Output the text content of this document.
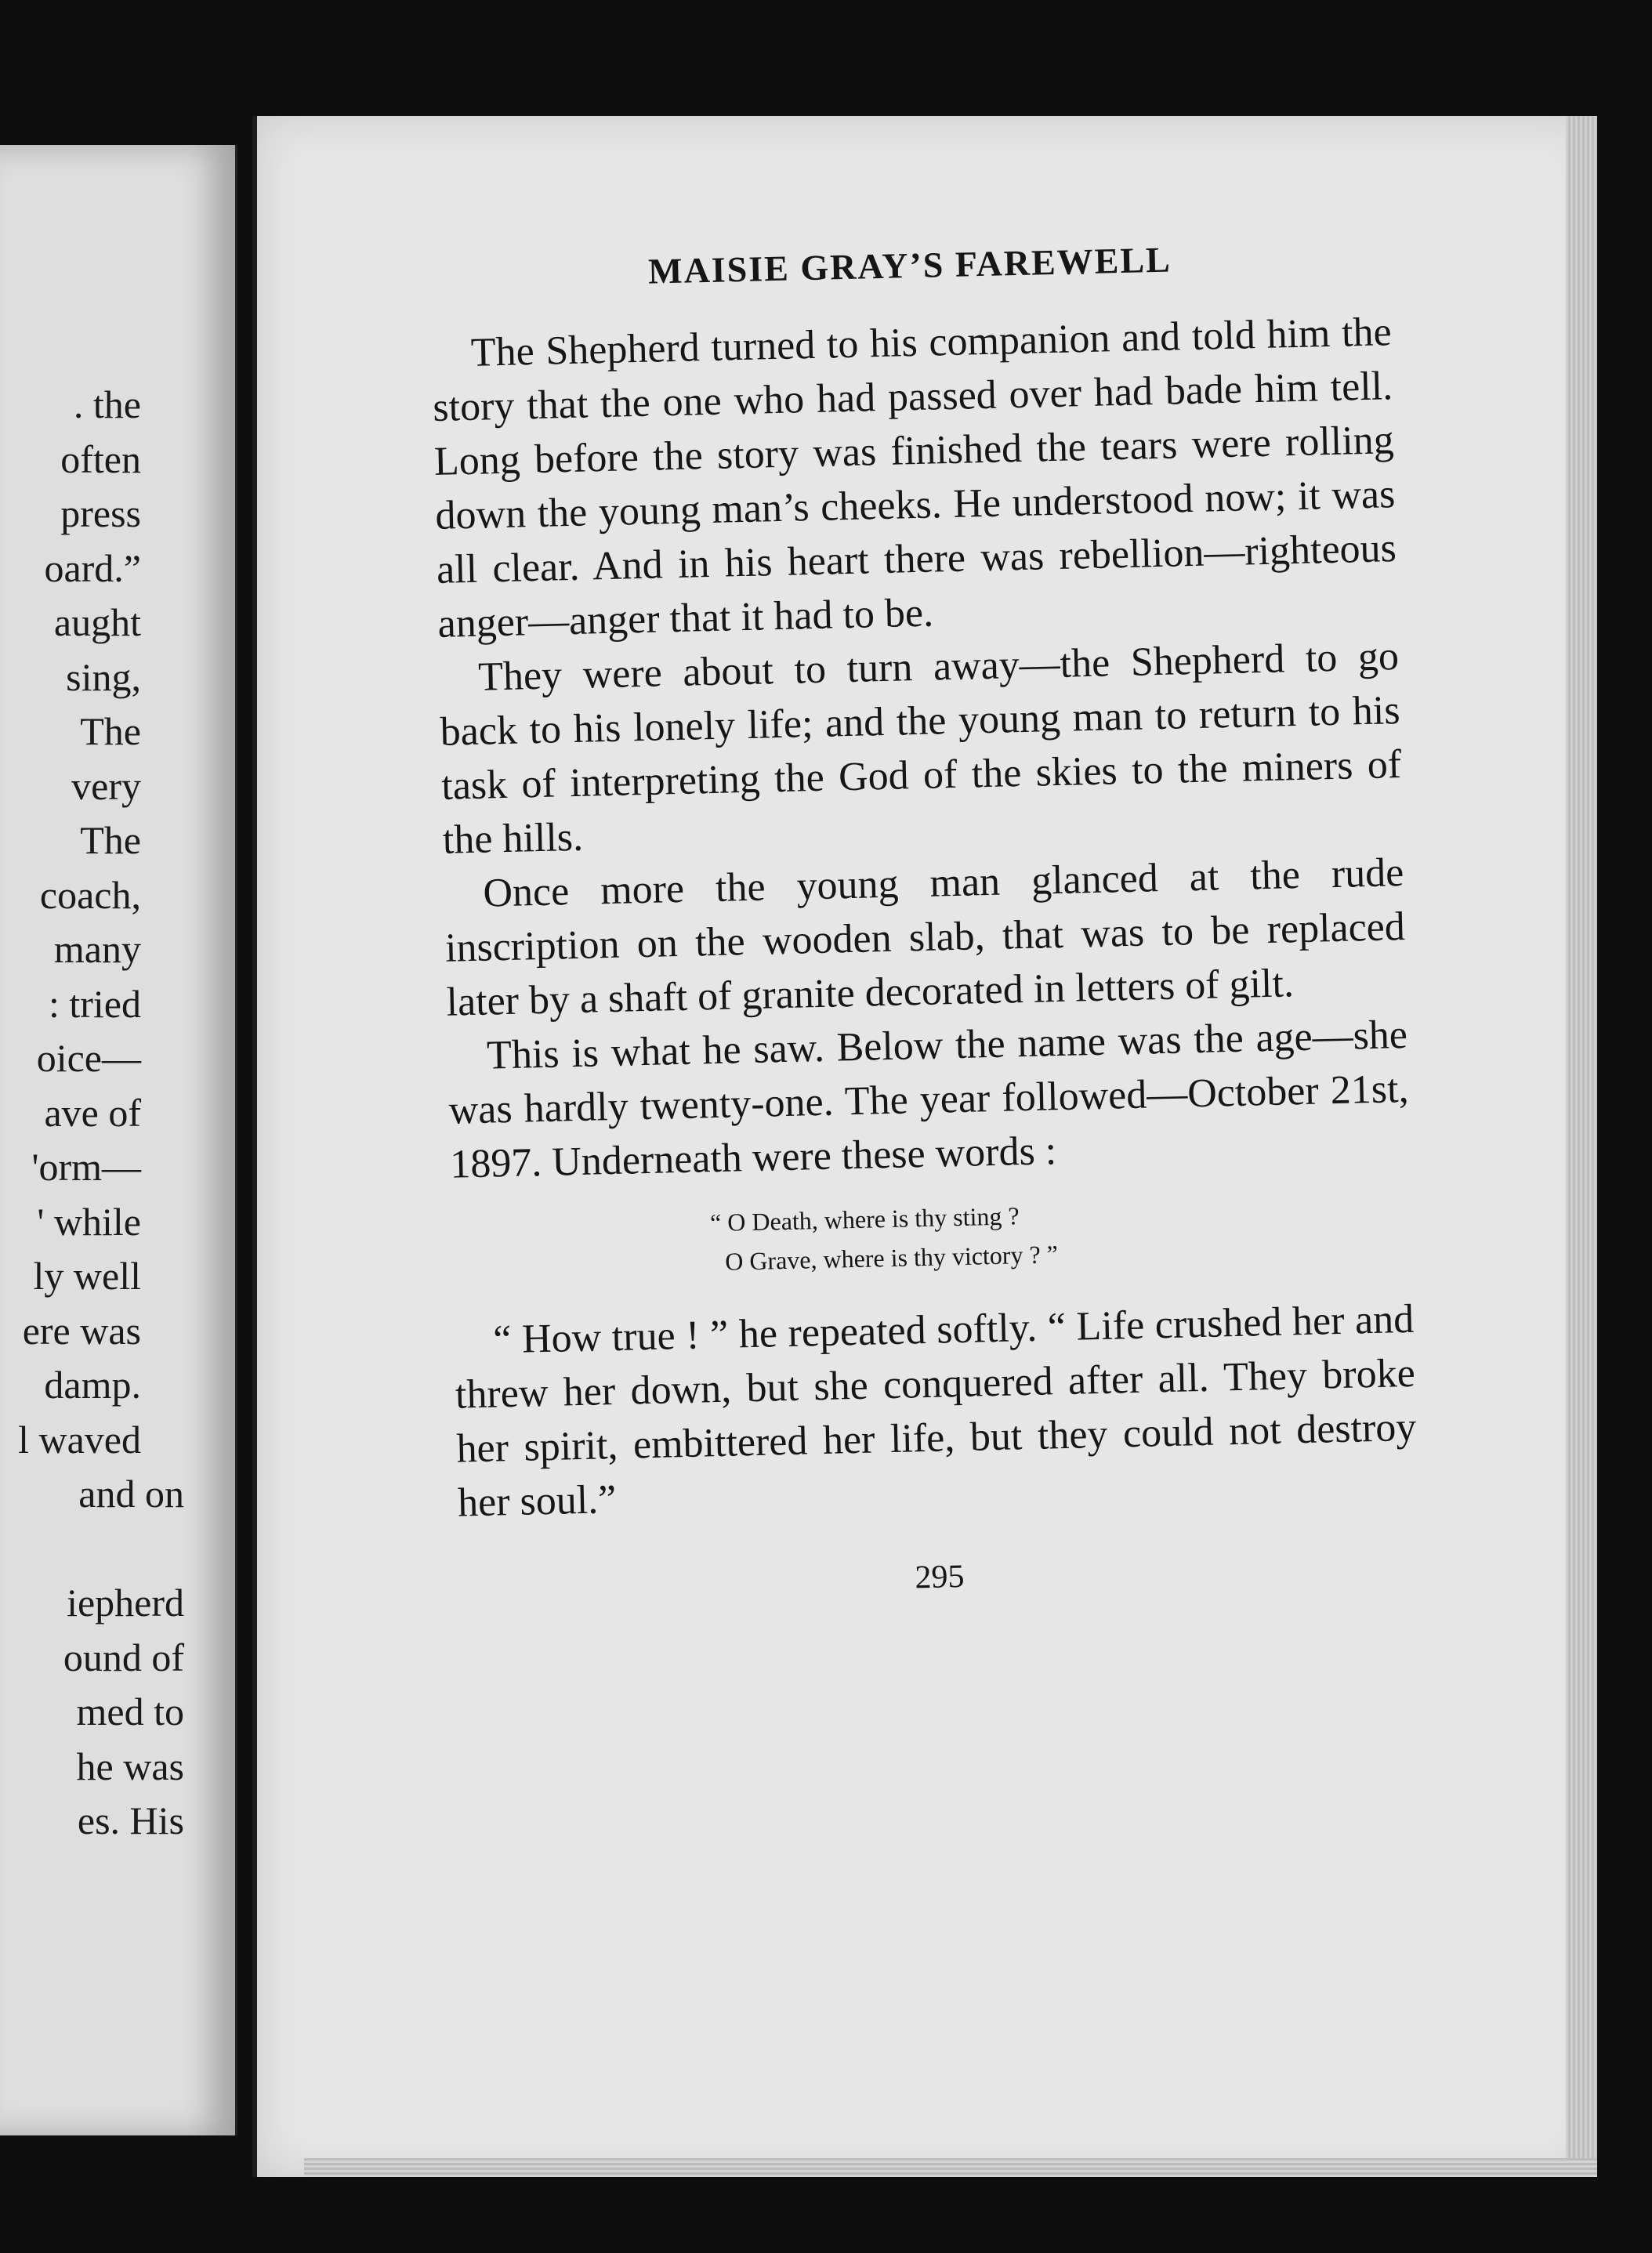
. the
often
press
oard.”
aught
sing,
The
very
The
coach,
many
: tried
oice—
ave of
'orm—
' while
ly well
ere was
damp.
l waved
and on
iepherd
ound of
med to
he was
es. His
MAISIE GRAY’S FAREWELL

The Shepherd turned to his companion and told him the story that the one who had passed over had bade him tell. Long before the story was finished the tears were rolling down the young man’s cheeks. He understood now; it was all clear. And in his heart there was rebellion—righteous anger—anger that it had to be.

They were about to turn away—the Shepherd to go back to his lonely life; and the young man to return to his task of interpreting the God of the skies to the miners of the hills.

Once more the young man glanced at the rude inscription on the wooden slab, that was to be replaced later by a shaft of granite decorated in letters of gilt.

This is what he saw. Below the name was the age—she was hardly twenty-one. The year followed—October 21st, 1897. Underneath were these words :

“ O Death, where is thy sting ?
O Grave, where is thy victory ? ”

“ How true ! ” he repeated softly. “ Life crushed her and threw her down, but she conquered after all. They broke her spirit, embittered her life, but they could not destroy her soul.”

295
